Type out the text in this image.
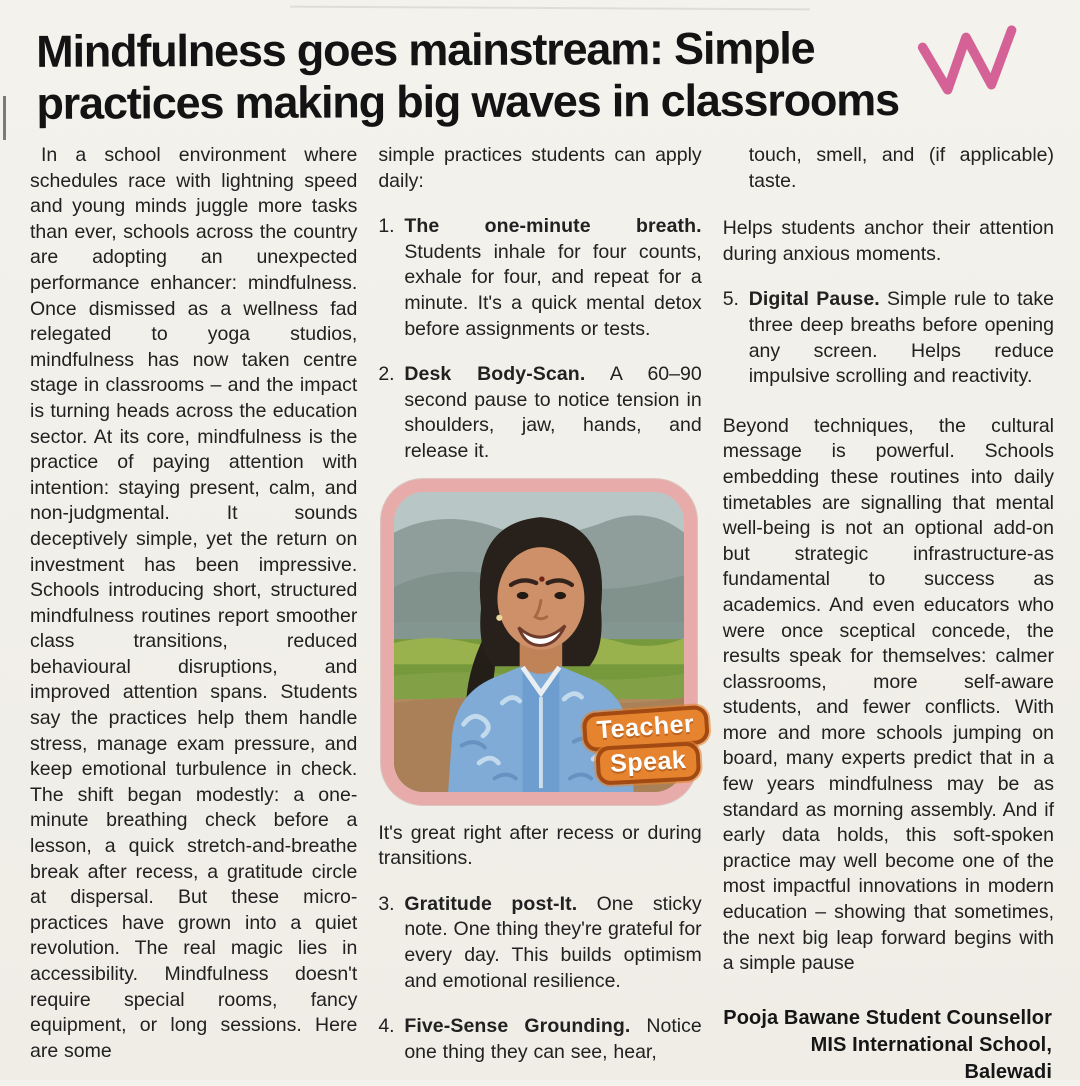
Mindfulness goes mainstream: Simple
practices making big waves in classrooms

In a school environment where schedules race with lightning speed and young minds juggle more tasks than ever, schools across the country are adopting an unexpected performance enhancer: mindfulness. Once dismissed as a wellness fad relegated to yoga studios, mindfulness has now taken centre stage in classrooms – and the impact is turning heads across the education sector. At its core, mindfulness is the practice of paying attention with intention: staying present, calm, and non-judgmental. It sounds deceptively simple, yet the return on investment has been impressive. Schools introducing short, structured mindfulness routines report smoother class transitions, reduced behavioural disruptions, and improved attention spans. Students say the practices help them handle stress, manage exam pressure, and keep emotional turbulence in check. The shift began modestly: a one-minute breathing check before a lesson, a quick stretch-and-breathe break after recess, a gratitude circle at dispersal. But these micro-practices have grown into a quiet revolution. The real magic lies in accessibility. Mindfulness doesn't require special rooms, fancy equipment, or long sessions. Here are some

simple practices students can apply daily:

1. The one-minute breath. Students inhale for four counts, exhale for four, and repeat for a minute. It's a quick mental detox before assignments or tests.

2. Desk Body-Scan. A 60–90 second pause to notice tension in shoulders, jaw, hands, and release it.

Teacher
Speak

It's great right after recess or during transitions.

3. Gratitude post-It. One sticky note. One thing they're grateful for every day. This builds optimism and emotional resilience.

4. Five-Sense Grounding. Notice one thing they can see, hear,

touch, smell, and (if applicable) taste.

Helps students anchor their attention during anxious moments.

5. Digital Pause. Simple rule to take three deep breaths before opening any screen. Helps reduce impulsive scrolling and reactivity.

Beyond techniques, the cultural message is powerful. Schools embedding these routines into daily timetables are signalling that mental well-being is not an optional add-on but strategic infrastructure-as fundamental to success as academics. And even educators who were once sceptical concede, the results speak for themselves: calmer classrooms, more self-aware students, and fewer conflicts. With more and more schools jumping on board, many experts predict that in a few years mindfulness may be as standard as morning assembly. And if early data holds, this soft-spoken practice may well become one of the most impactful innovations in modern education – showing that sometimes, the next big leap forward begins with a simple pause

Pooja Bawane Student Counsellor
MIS International School,
Balewadi
